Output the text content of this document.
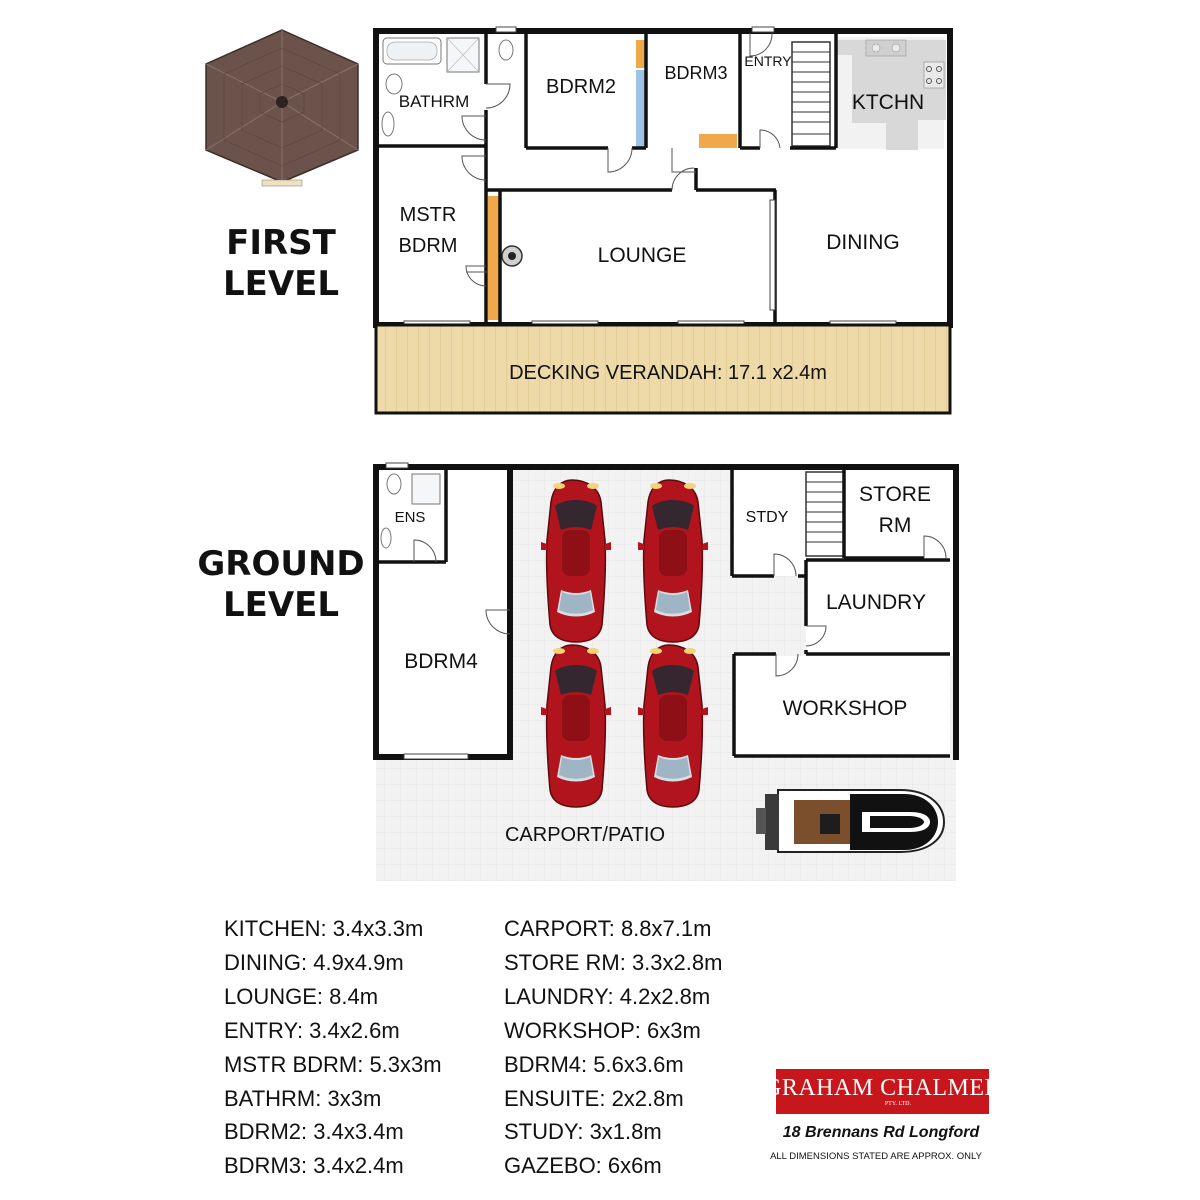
FIRST
LEVEL
GROUND
LEVEL
BATHRM
BDRM2
BDRM3
ENTRY
KTCHN
MSTR
BDRM	LOUNGE
DINING
DECKING VERANDAH: 17.1 x2.4m
ENS
BDRM4
STDY
STORE
RM
LAUNDRY
WORKSHOP
CARPORT/PATIO
KITCHEN: 3.4x3.3m
DINING: 4.9x4.9m
LOUNGE: 8.4m
ENTRY: 3.4x2.6m
MSTR BDRM: 5.3x3m
BATHRM: 3x3m
BDRM2: 3.4x3.4m
BDRM3: 3.4x2.4m
CARPORT: 8.8x7.1m
STORE RM: 3.3x2.8m
LAUNDRY: 4.2x2.8m
WORKSHOP: 6x3m
BDRM4: 5.6x3.6m
ENSUITE: 2x2.8m
STUDY: 3x1.8m
GAZEBO: 6x6m
GRAHAM CHALMER
PTY. LTD.
18 Brennans Rd Longford
ALL DIMENSIONS STATED ARE APPROX. ONLY
